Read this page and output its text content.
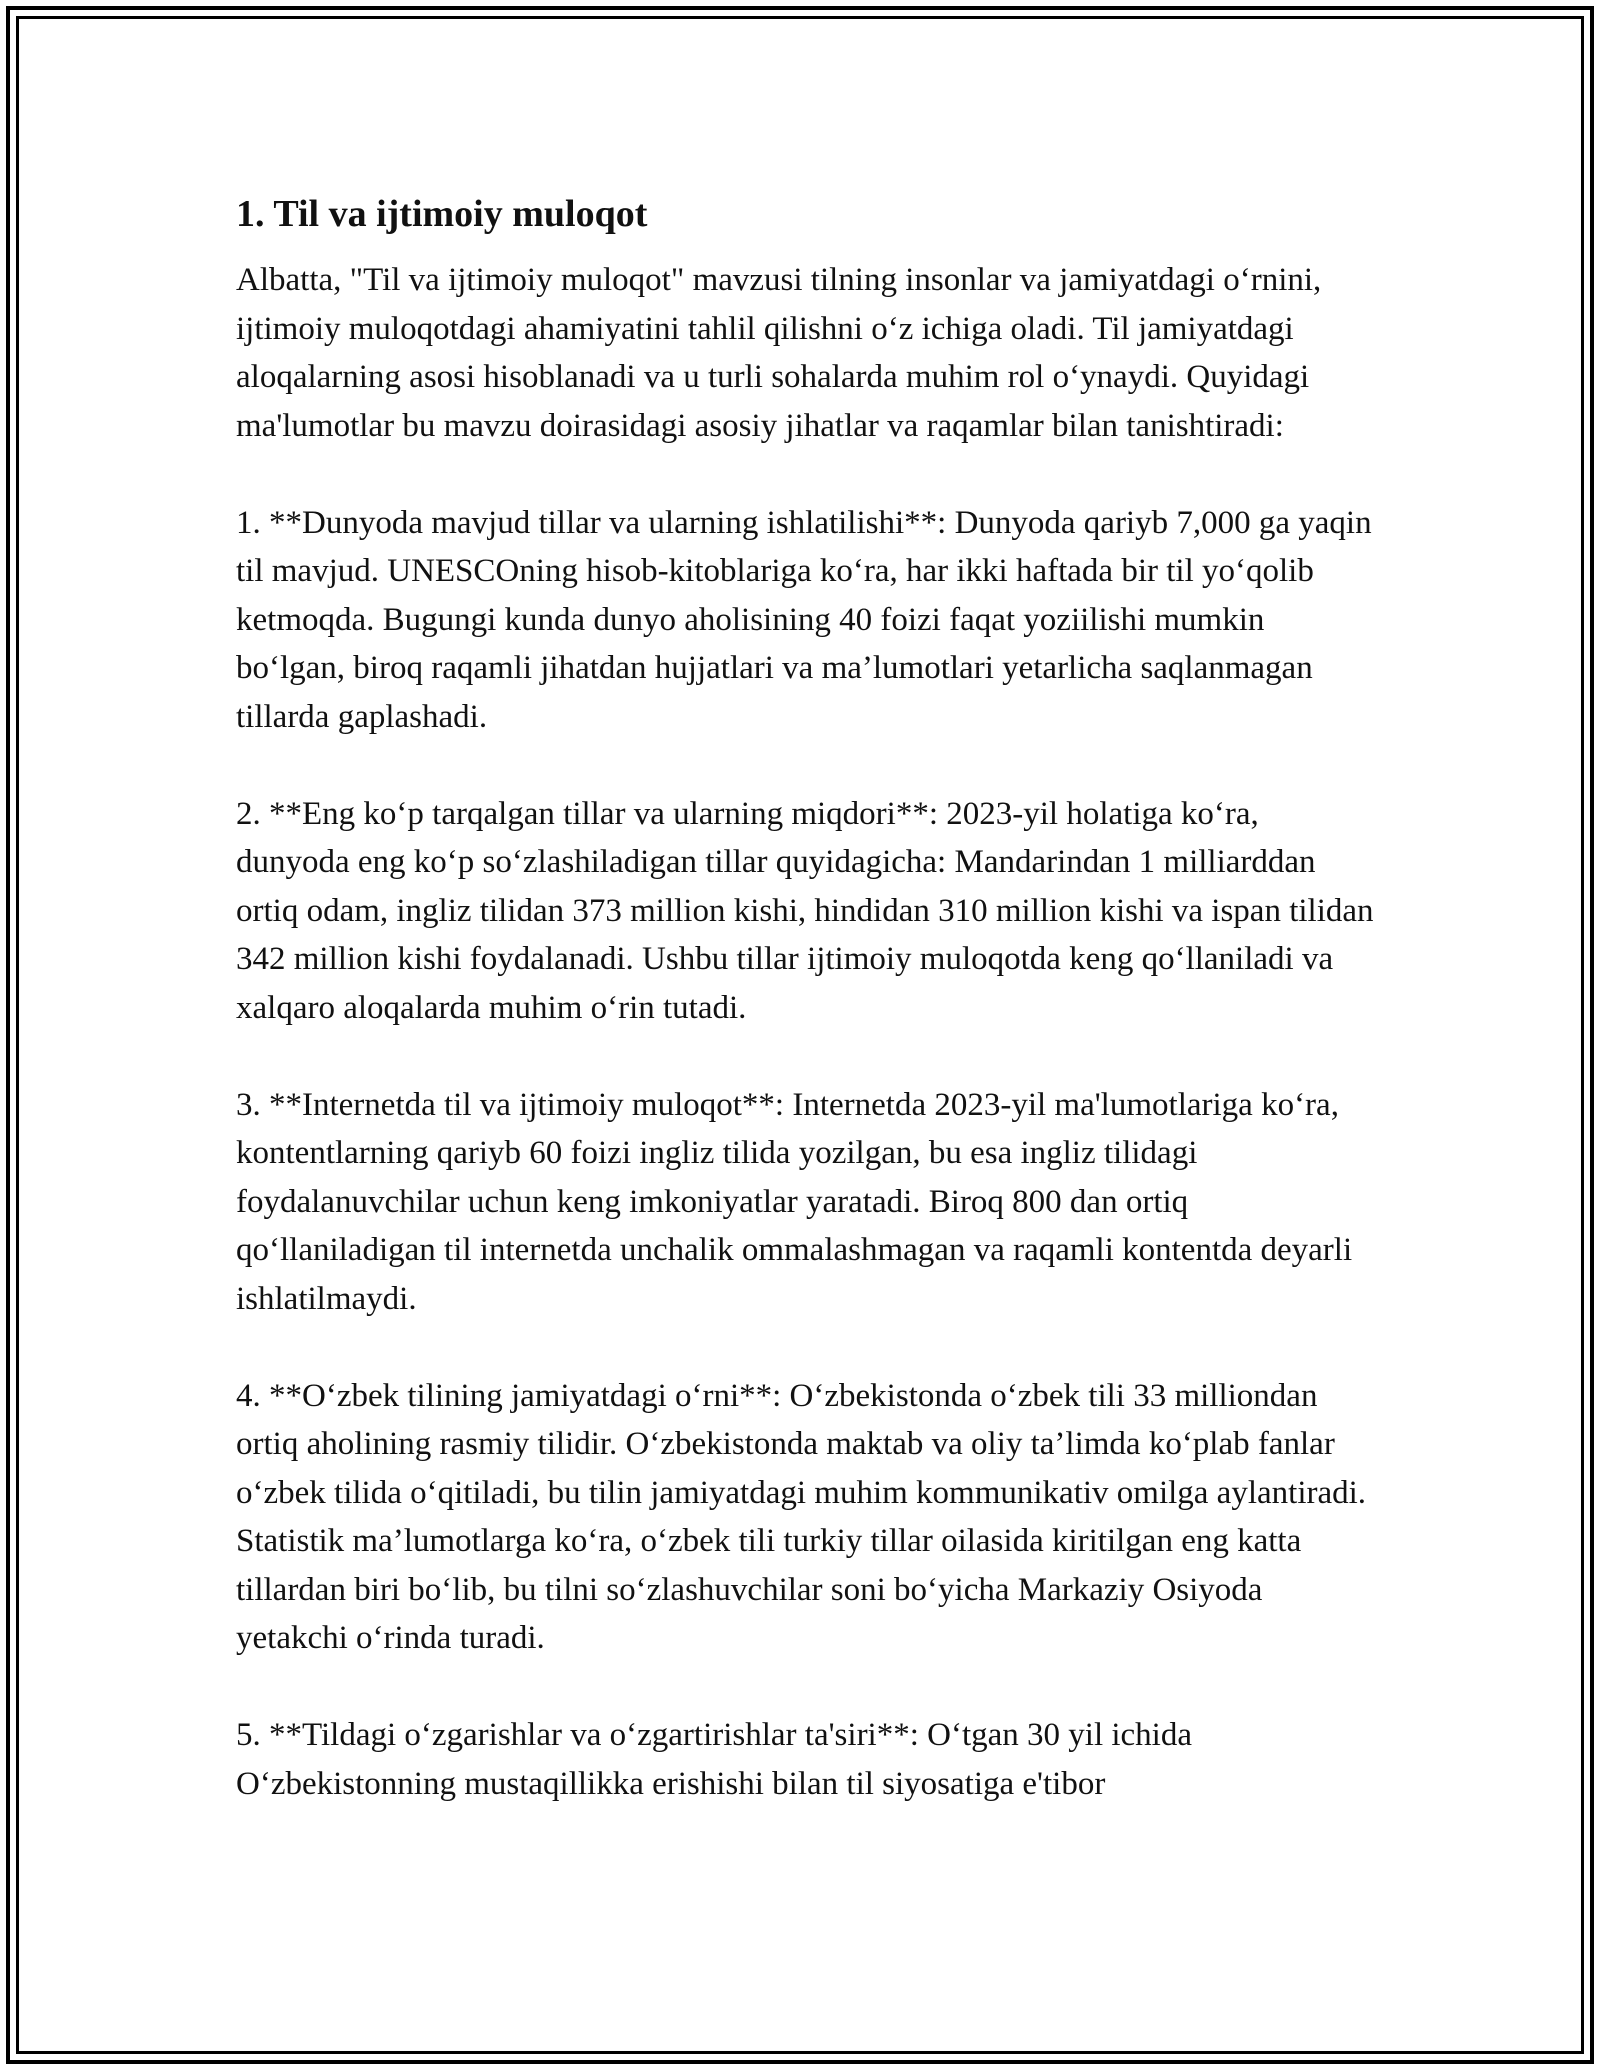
1. Til va ijtimoiy muloqot

Albatta, "Til va ijtimoiy muloqot" mavzusi tilning insonlar va jamiyatdagi o‘rnini, ijtimoiy muloqotdagi ahamiyatini tahlil qilishni o‘z ichiga oladi. Til jamiyatdagi aloqalarning asosi hisoblanadi va u turli sohalarda muhim rol o‘ynaydi. Quyidagi ma'lumotlar bu mavzu doirasidagi asosiy jihatlar va raqamlar bilan tanishtiradi:

1. **Dunyoda mavjud tillar va ularning ishlatilishi**: Dunyoda qariyb 7,000 ga yaqin til mavjud. UNESCOning hisob-kitoblariga ko‘ra, har ikki haftada bir til yo‘qolib ketmoqda. Bugungi kunda dunyo aholisining 40 foizi faqat yoziilishi mumkin bo‘lgan, biroq raqamli jihatdan hujjatlari va ma’lumotlari yetarlicha saqlanmagan tillarda gaplashadi.

2. **Eng ko‘p tarqalgan tillar va ularning miqdori**: 2023-yil holatiga ko‘ra, dunyoda eng ko‘p so‘zlashiladigan tillar quyidagicha: Mandarindan 1 milliarddan ortiq odam, ingliz tilidan 373 million kishi, hindidan 310 million kishi va ispan tilidan 342 million kishi foydalanadi. Ushbu tillar ijtimoiy muloqotda keng qo‘llaniladi va xalqaro aloqalarda muhim o‘rin tutadi.

3. **Internetda til va ijtimoiy muloqot**: Internetda 2023-yil ma'lumotlariga ko‘ra, kontentlarning qariyb 60 foizi ingliz tilida yozilgan, bu esa ingliz tilidagi foydalanuvchilar uchun keng imkoniyatlar yaratadi. Biroq 800 dan ortiq qo‘llaniladigan til internetda unchalik ommalashmagan va raqamli kontentda deyarli ishlatilmaydi.

4. **O‘zbek tilining jamiyatdagi o‘rni**: O‘zbekistonda o‘zbek tili 33 milliondan ortiq aholining rasmiy tilidir. O‘zbekistonda maktab va oliy ta’limda ko‘plab fanlar o‘zbek tilida o‘qitiladi, bu tilin jamiyatdagi muhim kommunikativ omilga aylantiradi. Statistik ma’lumotlarga ko‘ra, o‘zbek tili turkiy tillar oilasida kiritilgan eng katta tillardan biri bo‘lib, bu tilni so‘zlashuvchilar soni bo‘yicha Markaziy Osiyoda yetakchi o‘rinda turadi.

5. **Tildagi o‘zgarishlar va o‘zgartirishlar ta'siri**: O‘tgan 30 yil ichida O‘zbekistonning mustaqillikka erishishi bilan til siyosatiga e'tibor
